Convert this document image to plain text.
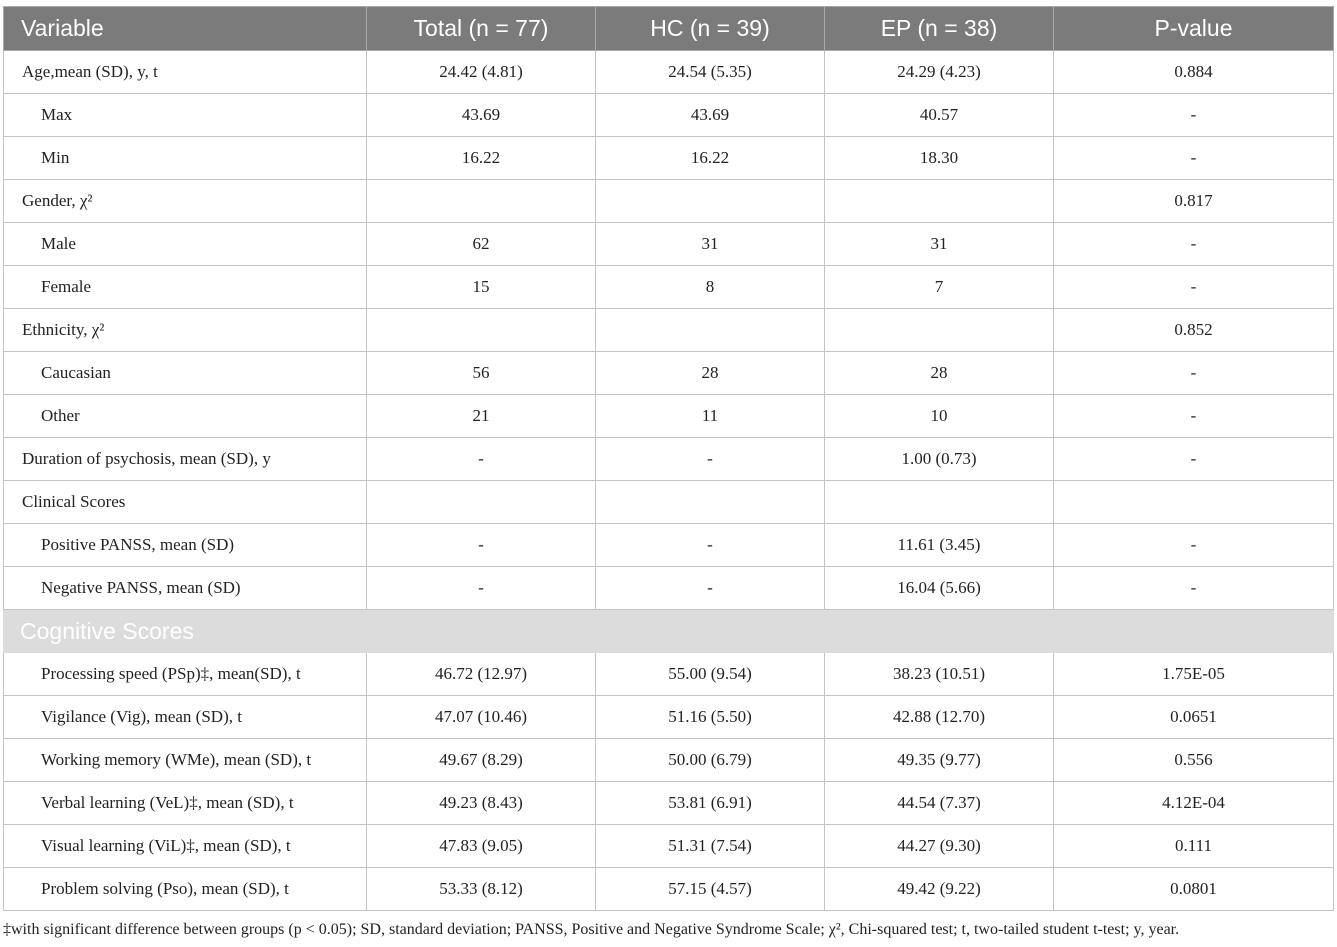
Variable	Total (n = 77)	HC (n = 39)	EP (n = 38)	P-value
Age,mean (SD), y, t	24.42 (4.81)	24.54 (5.35)	24.29 (4.23)	0.884
Max	43.69	43.69	40.57	-
Min	16.22	16.22	18.30	-
Gender, χ²				0.817
Male	62	31	31	-
Female	15	8	7	-
Ethnicity, χ²				0.852
Caucasian	56	28	28	-
Other	21	11	10	-
Duration of psychosis, mean (SD), y	-	-	1.00 (0.73)	-
Clinical Scores				
Positive PANSS, mean (SD)	-	-	11.61 (3.45)	-
Negative PANSS, mean (SD)	-	-	16.04 (5.66)	-
Cognitive Scores				
Processing speed (PSp)‡, mean(SD), t	46.72 (12.97)	55.00 (9.54)	38.23 (10.51)	1.75E-05
Vigilance (Vig), mean (SD), t	47.07 (10.46)	51.16 (5.50)	42.88 (12.70)	0.0651
Working memory (WMe), mean (SD), t	49.67 (8.29)	50.00 (6.79)	49.35 (9.77)	0.556
Verbal learning (VeL)‡, mean (SD), t	49.23 (8.43)	53.81 (6.91)	44.54 (7.37)	4.12E-04
Visual learning (ViL)‡, mean (SD), t	47.83 (9.05)	51.31 (7.54)	44.27 (9.30)	0.111
Problem solving (Pso), mean (SD), t	53.33 (8.12)	57.15 (4.57)	49.42 (9.22)	0.0801
‡with significant difference between groups (p < 0.05); SD, standard deviation; PANSS, Positive and Negative Syndrome Scale; χ², Chi-squared test; t, two-tailed student t-test; y, year.
